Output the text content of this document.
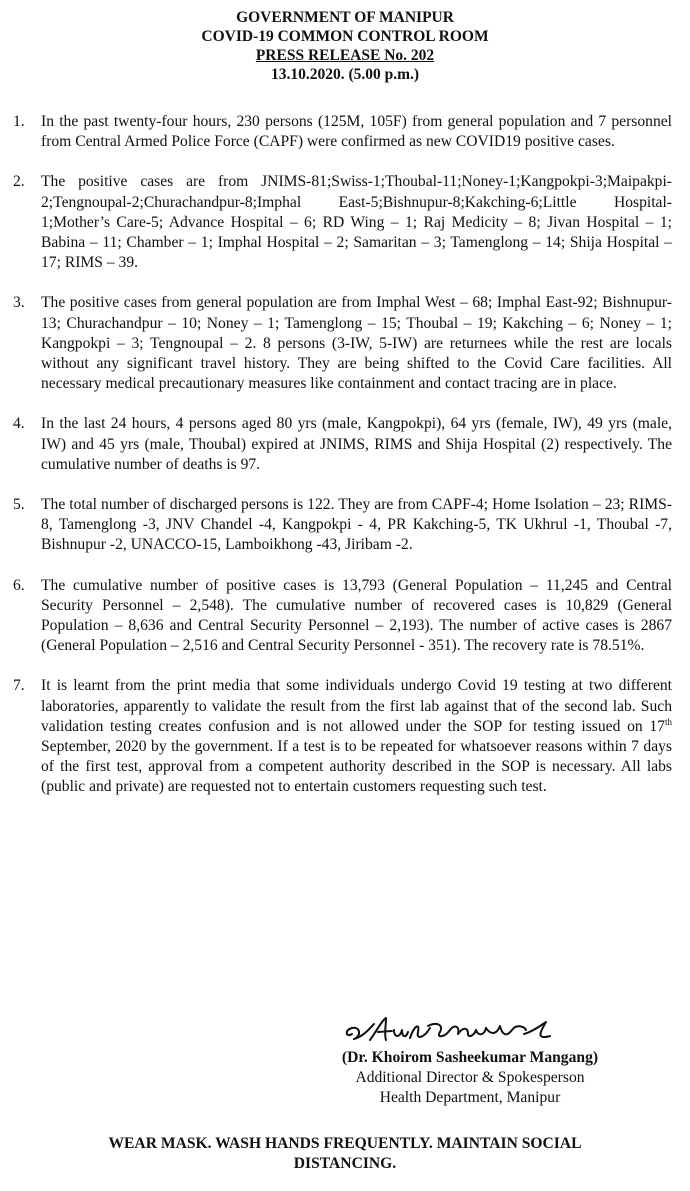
GOVERNMENT OF MANIPUR
COVID-19 COMMON CONTROL ROOM
PRESS RELEASE No. 202
13.10.2020. (5.00 p.m.)
1. In the past twenty-four hours, 230 persons (125M, 105F) from general population and 7 personnel from Central Armed Police Force (CAPF) were confirmed as new COVID19 positive cases.
2. The positive cases are from JNIMS-81;Swiss-1;Thoubal-11;Noney-1;Kangpokpi-3;Maipakpi-2;Tengnoupal-2;Churachandpur-8;Imphal East-5;Bishnupur-8;Kakching-6;Little Hospital-1;Mother’s Care-5; Advance Hospital – 6; RD Wing – 1; Raj Medicity – 8; Jivan Hospital – 1; Babina – 11; Chamber – 1; Imphal Hospital – 2; Samaritan – 3; Tamenglong – 14; Shija Hospital – 17; RIMS – 39.
3. The positive cases from general population are from Imphal West – 68; Imphal East-92; Bishnupur-13; Churachandpur – 10; Noney – 1; Tamenglong – 15; Thoubal – 19; Kakching – 6; Noney – 1; Kangpokpi – 3; Tengnoupal – 2. 8 persons (3-IW, 5-IW) are returnees while the rest are locals without any significant travel history. They are being shifted to the Covid Care facilities. All necessary medical precautionary measures like containment and contact tracing are in place.
4. In the last 24 hours, 4 persons aged 80 yrs (male, Kangpokpi), 64 yrs (female, IW), 49 yrs (male, IW) and 45 yrs (male, Thoubal) expired at JNIMS, RIMS and Shija Hospital (2) respectively. The cumulative number of deaths is 97.
5. The total number of discharged persons is 122. They are from CAPF-4; Home Isolation – 23; RIMS-8, Tamenglong -3, JNV Chandel -4, Kangpokpi - 4, PR Kakching-5, TK Ukhrul -1, Thoubal -7, Bishnupur -2, UNACCO-15, Lamboikhong -43, Jiribam -2.
6. The cumulative number of positive cases is 13,793 (General Population – 11,245 and Central Security Personnel – 2,548). The cumulative number of recovered cases is 10,829 (General Population – 8,636 and Central Security Personnel – 2,193). The number of active cases is 2867 (General Population – 2,516 and Central Security Personnel - 351). The recovery rate is 78.51%.
7. It is learnt from the print media that some individuals undergo Covid 19 testing at two different laboratories, apparently to validate the result from the first lab against that of the second lab. Such validation testing creates confusion and is not allowed under the SOP for testing issued on 17th September, 2020 by the government. If a test is to be repeated for whatsoever reasons within 7 days of the first test, approval from a competent authority described in the SOP is necessary. All labs (public and private) are requested not to entertain customers requesting such test.
(Dr. Khoirom Sasheekumar Mangang)
Additional Director & Spokesperson
Health Department, Manipur
WEAR MASK. WASH HANDS FREQUENTLY. MAINTAIN SOCIAL
DISTANCING.
